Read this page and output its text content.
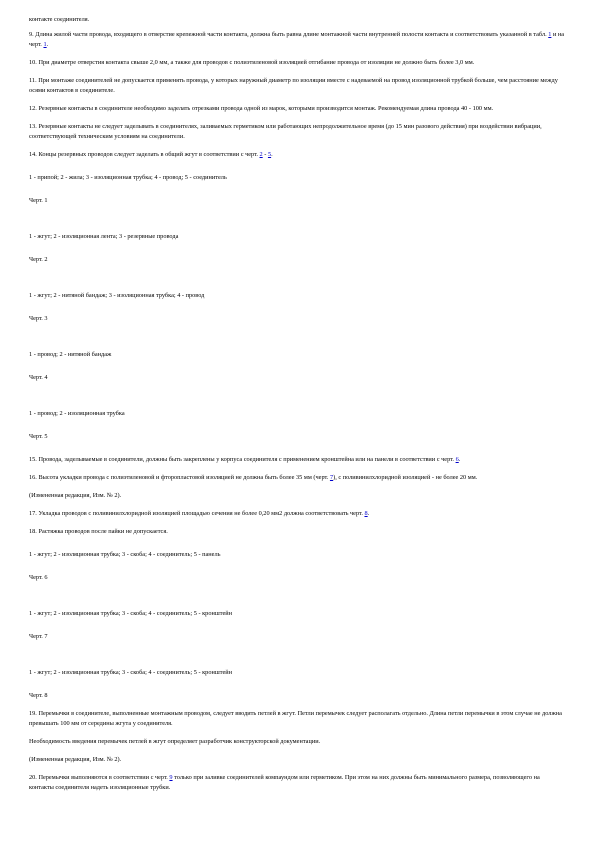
контакте соединителя.
9. Длина жилой части провода, входящего в отверстие крепежной части контакта, должна быть равна длине монтажной части внутренней полости контакта и соответствовать указанной в табл. 1 и на черт. 1.
10. При диаметре отверстия контакта свыше 2,0 мм, а также для проводов с полиэтиленовой изоляцией отгибание провода от изоляции не должно быть более 3,0 мм.
11. При монтаже соединителей не допускается применять провода, у которых наружный диаметр по изоляции вместе с надеваемой на провод изоляционной трубкой больше, чем расстояние между осями контактов в соединителе.
12. Резервные контакты в соединителе необходимо заделать отрезками провода одной из марок, которыми производится монтаж. Рекомендуемая длина провода 40 - 100 мм.
13. Резервные контакты не следует заделывать в соединителях, заливаемых герметиком или работающих непродолжительное время (до 15 мин разового действия) при воздействии вибрации, соответствующей техническим условиям на соединители.
14. Концы резервных проводов следует заделать в общий жгут в соответствии с черт. 2 - 5.
1 - припой; 2 - жила; 3 - изоляционная трубка; 4 - провод; 5 - соединитель
Черт. 1
1 - жгут; 2 - изоляционная лента; 3 - резервные провода
Черт. 2
1 - жгут; 2 - нитяной бандаж; 3 - изоляционная трубка; 4 - провод
Черт. 3
1 - провод; 2 - нитяной бандаж
Черт. 4
1 - провод; 2 - изоляционная трубка
Черт. 5
15. Провода, заделываемые в соединители, должны быть закреплены у корпуса соединителя с применением кронштейна или на панели в соответствии с черт. 6.
16. Высота укладки провода с полиэтиленовой и фторопластовой изоляцией не должна быть более 35 мм (черт. 7), с поливинилхлоридной изоляцией - не более 20 мм.
(Измененная редакция, Изм. № 2).
17. Укладка проводов с поливинилхлоридной изоляцией площадью сечения не более 0,20 мм2 должна соответствовать черт. 8.
18. Растяжка проводов после пайки не допускается.
1 - жгут; 2 - изоляционная трубка; 3 - скоба; 4 - соединитель; 5 - панель
Черт. 6
1 - жгут; 2 - изоляционная трубка; 3 - скоба; 4 - соединитель; 5 - кронштейн
Черт. 7
1 - жгут; 2 - изоляционная трубка; 3 - скоба; 4 - соединитель; 5 - кронштейн
Черт. 8
19. Перемычки в соединителе, выполненные монтажным проводом, следует вводить петлей в жгут. Петли перемычек следует располагать отдельно. Длина петли перемычки в этом случае не должна превышать 100 мм от середины жгута у соединителя.
Необходимость введения перемычек петлей в жгут определяет разработчик конструкторской документации.
(Измененная редакция, Изм. № 2).
20. Перемычки выполняются в соответствии с черт. 9 только при заливке соединителей компаундом или герметиком. При этом на них должны быть минимального размера, позволяющего на контакты соединителя надеть изоляционные трубки.
